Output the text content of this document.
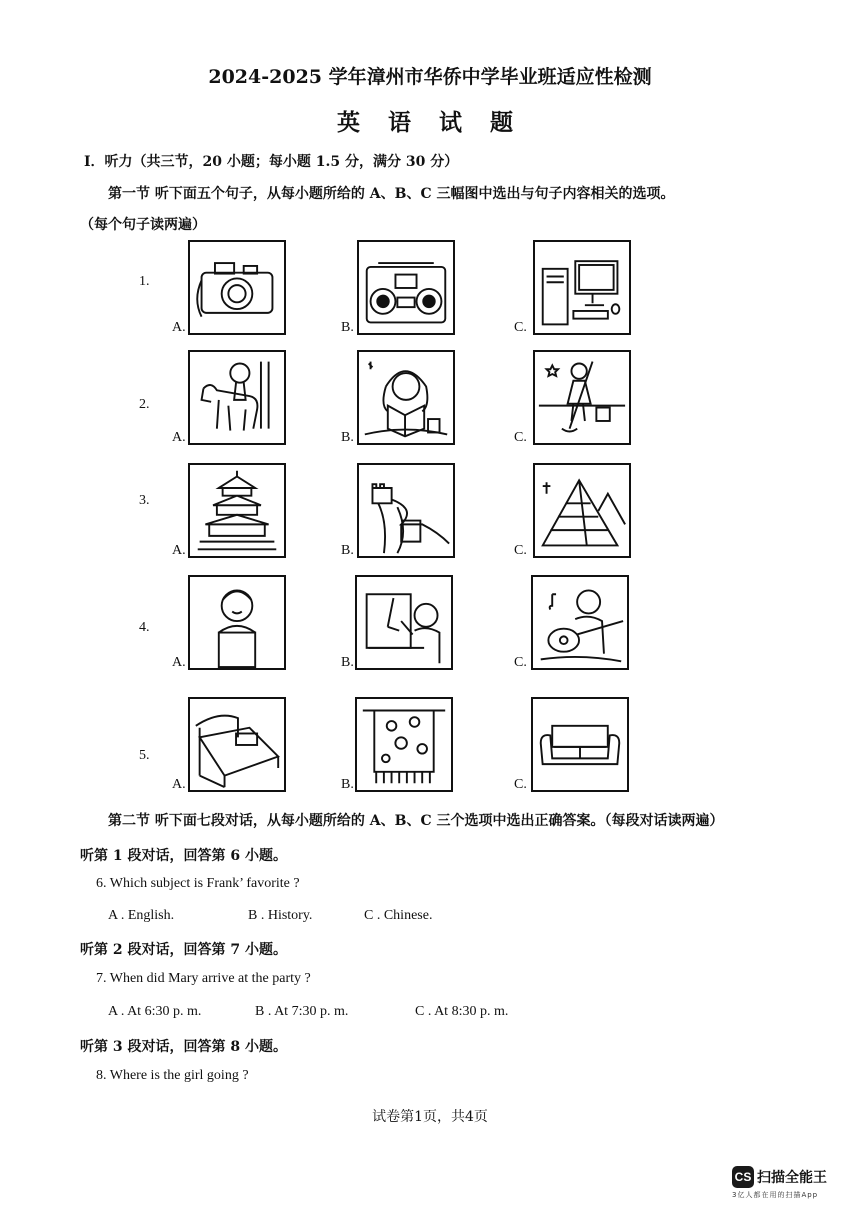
2024-2025 学年漳州市华侨中学毕业班适应性检测
英 语 试 题
I．听力（共三节，20 小题；每小题 1.5 分，满分 30 分）
第一节 听下面五个句子，从每小题所给的 A、B、C 三幅图中选出与句子内容相关的选项。
（每个句子读两遍）
1.
2.
3.
4.
5.
A.	B.	C.
A.	B.	C.
A.	B.	C.
A.	B.	C.
A.	B.	C.
第二节 听下面七段对话，从每小题所给的 A、B、C 三个选项中选出正确答案。（每段对话读两遍）
听第 1 段对话，回答第 6 小题。
6. Which subject is Frank’ favorite ?
A . English.	B . History.	C . Chinese.
听第 2 段对话，回答第 7 小题。
7. When did Mary arrive at the party ?
A . At 6:30 p. m.	B . At 7:30 p. m.	C . At 8:30 p. m.
听第 3 段对话，回答第 8 小题。
8. Where is the girl going ?
试卷第1页，共4页
CS 扫描全能王
3亿人都在用的扫描App
